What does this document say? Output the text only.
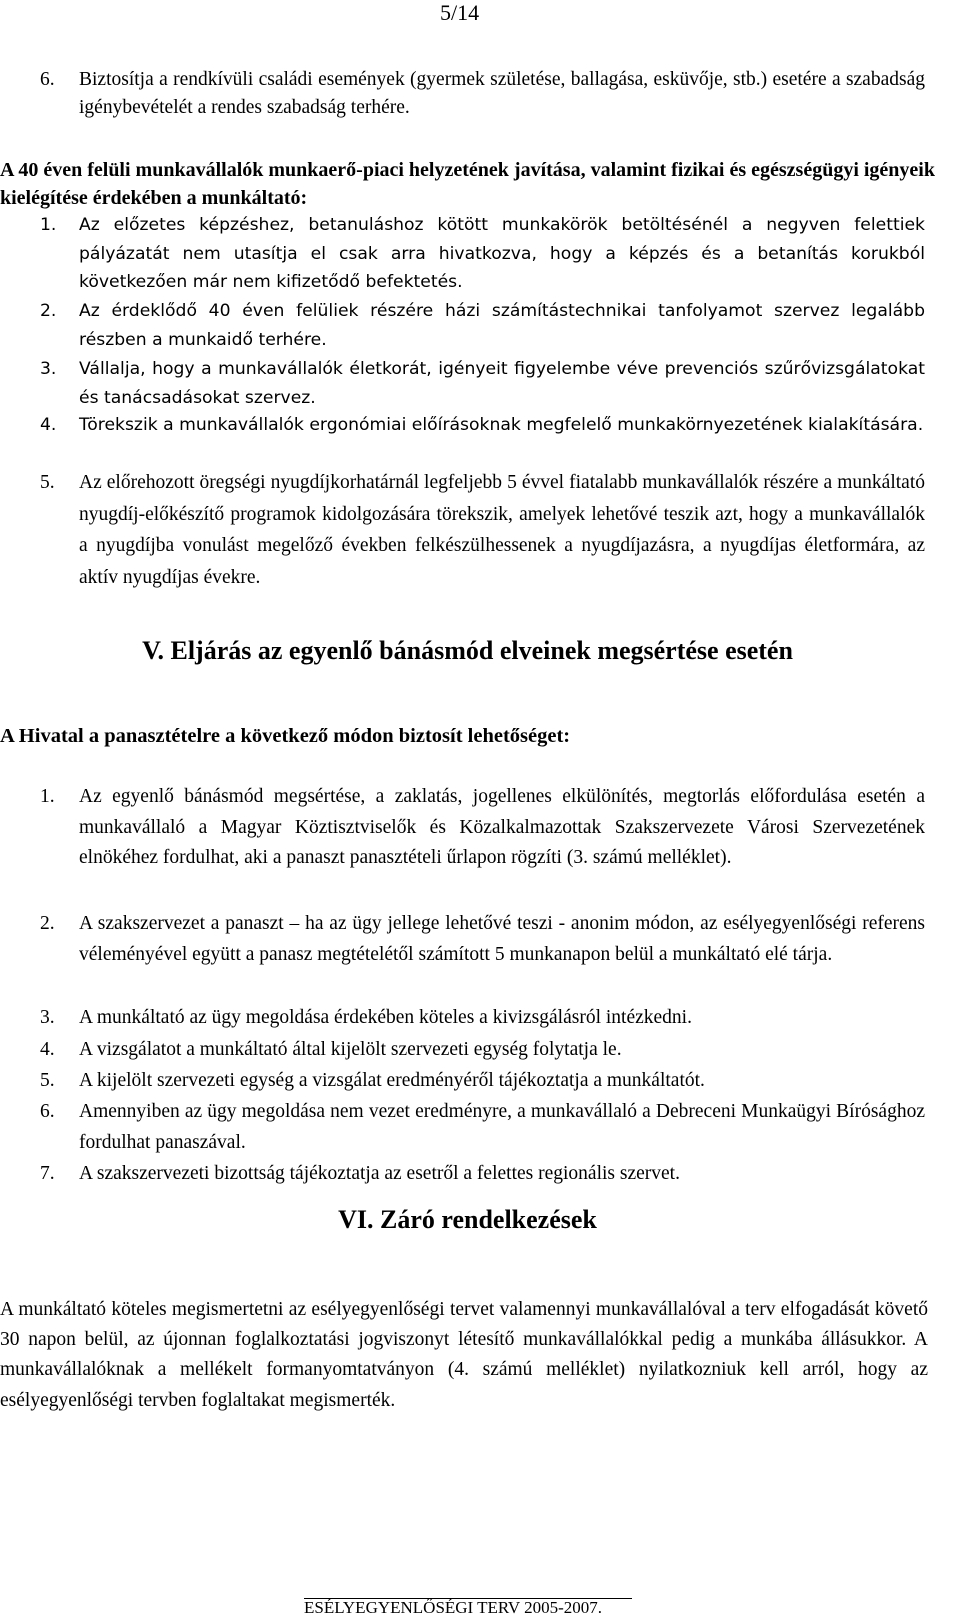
5/14
6.	Biztosítja a rendkívüli családi események (gyermek születése, ballagása, esküvője, stb.) esetére a szabadság igénybevételét a rendes szabadság terhére.
A 40 éven felüli munkavállalók munkaerő-piaci helyzetének javítása, valamint fizikai és egészségügyi igényeik kielégítése érdekében a munkáltató:
1.	Az előzetes képzéshez, betanuláshoz kötött munkakörök betöltésénél a negyven felettiek pályázatát nem utasítja el csak arra hivatkozva, hogy a képzés és a betanítás korukból következően már nem kifizetődő befektetés.
2.	Az érdeklődő 40 éven felüliek részére házi számítástechnikai tanfolyamot szervez legalább részben a munkaidő terhére.
3.	Vállalja, hogy a munkavállalók életkorát, igényeit figyelembe véve prevenciós szűrővizsgálatokat és tanácsadásokat szervez.
4.	Törekszik a munkavállalók ergonómiai előírásoknak megfelelő munkakörnyezetének kialakítására.
5.	Az előrehozott öregségi nyugdíjkorhatárnál legfeljebb 5 évvel fiatalabb munkavállalók részére a munkáltató nyugdíj-előkészítő programok kidolgozására törekszik, amelyek lehetővé teszik azt, hogy a munkavállalók a nyugdíjba vonulást megelőző években felkészülhessenek a nyugdíjazásra, a nyugdíjas életformára, az aktív nyugdíjas évekre.
V. Eljárás az egyenlő bánásmód elveinek megsértése esetén
A Hivatal a panasztételre a következő módon biztosít lehetőséget:
1.	Az egyenlő bánásmód megsértése, a zaklatás, jogellenes elkülönítés, megtorlás előfordulása esetén a munkavállaló a Magyar Köztisztviselők és Közalkalmazottak Szakszervezete Városi Szervezetének elnökéhez fordulhat, aki a panaszt panasztételi űrlapon rögzíti (3. számú melléklet).
2.	A szakszervezet a panaszt – ha az ügy jellege lehetővé teszi - anonim módon, az esélyegyenlőségi referens véleményével együtt a panasz megtételétől számított 5 munkanapon belül a munkáltató elé tárja.
3.	A munkáltató az ügy megoldása érdekében köteles a kivizsgálásról intézkedni.
4.	A vizsgálatot a munkáltató által kijelölt szervezeti egység folytatja le.
5.	A kijelölt szervezeti egység a vizsgálat eredményéről tájékoztatja a munkáltatót.
6.	Amennyiben az ügy megoldása nem vezet eredményre, a munkavállaló a Debreceni Munkaügyi Bírósághoz fordulhat panaszával.
7.	A szakszervezeti bizottság tájékoztatja az esetről a felettes regionális szervet.
VI. Záró rendelkezések
A munkáltató köteles megismertetni az esélyegyenlőségi tervet valamennyi munkavállalóval a terv elfogadását követő 30 napon belül, az újonnan foglalkoztatási jogviszonyt létesítő munkavállalókkal pedig a munkába állásukkor. A munkavállalóknak a mellékelt formanyomtatványon (4. számú melléklet) nyilatkozniuk kell arról, hogy az esélyegyenlőségi tervben foglaltakat megismerték.
ESÉLYEGYENLŐSÉGI TERV 2005-2007.
